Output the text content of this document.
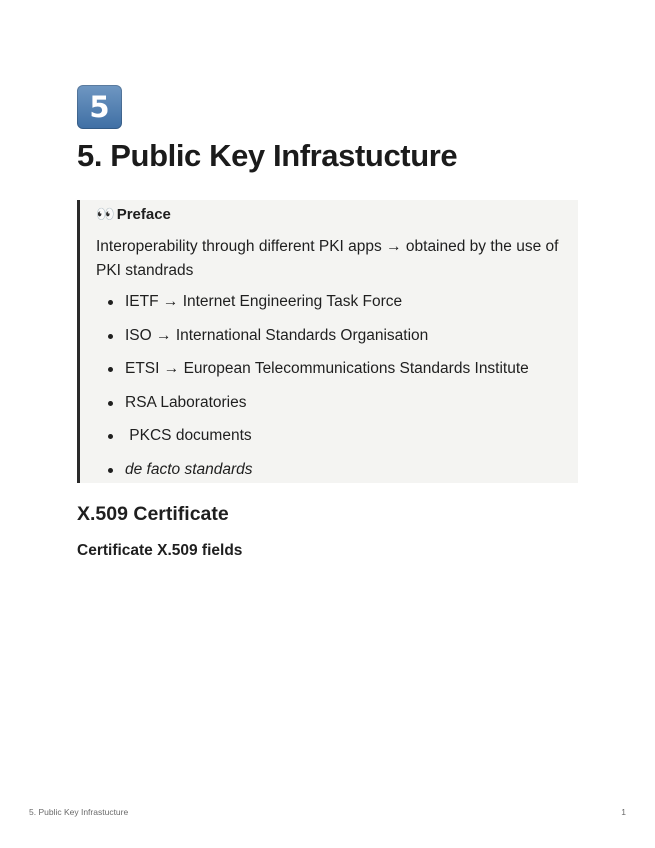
5
5. Public Key Infrastucture
👀 Preface

Interoperability through different PKI apps → obtained by the use of PKI standrads

IETF → Internet Engineering Task Force
ISO → International Standards Organisation
ETSI → European Telecommunications Standards Institute
RSA Laboratories
PKCS documents
de facto standards
X.509 Certificate
Certificate X.509 fields
5. Public Key Infrastucture	1
